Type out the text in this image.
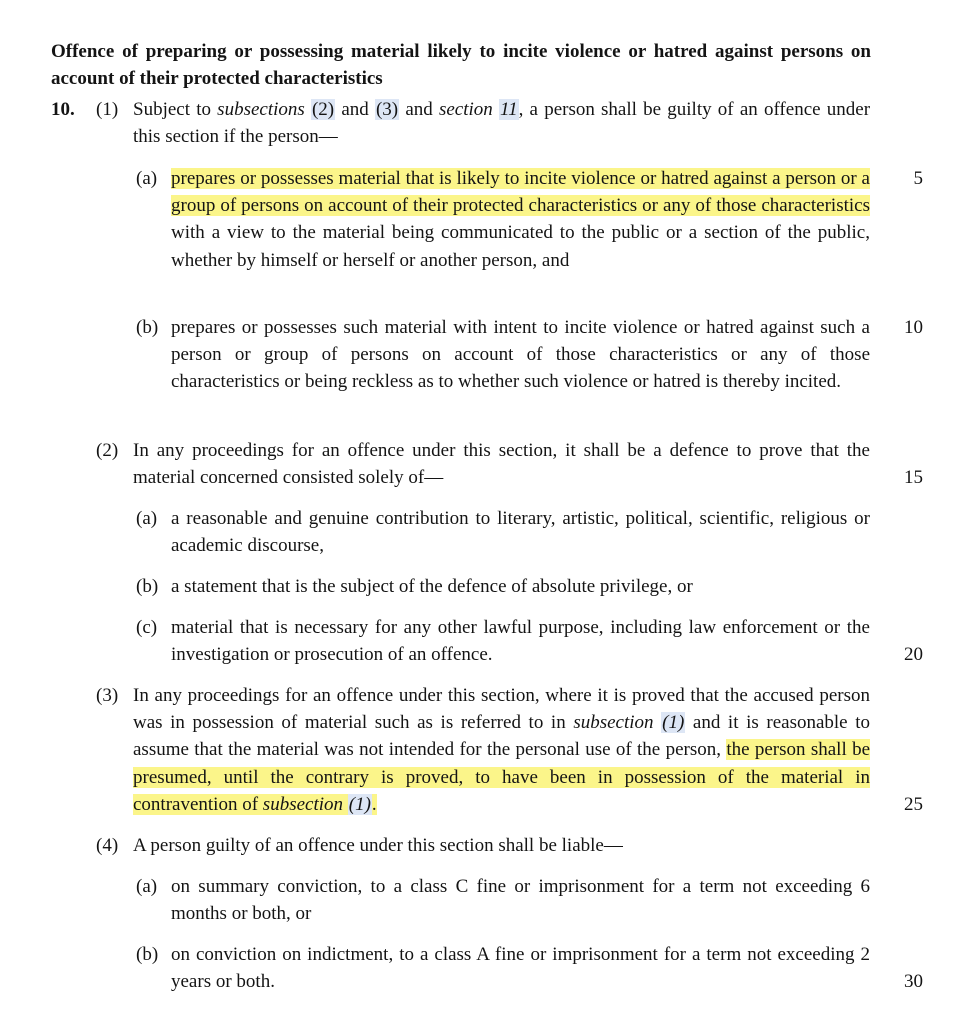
Offence of preparing or possessing material likely to incite violence or hatred against persons on account of their protected characteristics
10. (1) Subject to subsections (2) and (3) and section 11, a person shall be guilty of an offence under this section if the person—
(a) prepares or possesses material that is likely to incite violence or hatred against a person or a group of persons on account of their protected characteristics or any of those characteristics with a view to the material being communicated to the public or a section of the public, whether by himself or herself or another person, and
(b) prepares or possesses such material with intent to incite violence or hatred against such a person or group of persons on account of those characteristics or any of those characteristics or being reckless as to whether such violence or hatred is thereby incited.
(2) In any proceedings for an offence under this section, it shall be a defence to prove that the material concerned consisted solely of—
(a) a reasonable and genuine contribution to literary, artistic, political, scientific, religious or academic discourse,
(b) a statement that is the subject of the defence of absolute privilege, or
(c) material that is necessary for any other lawful purpose, including law enforcement or the investigation or prosecution of an offence.
(3) In any proceedings for an offence under this section, where it is proved that the accused person was in possession of material such as is referred to in subsection (1) and it is reasonable to assume that the material was not intended for the personal use of the person, the person shall be presumed, until the contrary is proved, to have been in possession of the material in contravention of subsection (1).
(4) A person guilty of an offence under this section shall be liable—
(a) on summary conviction, to a class C fine or imprisonment for a term not exceeding 6 months or both, or
(b) on conviction on indictment, to a class A fine or imprisonment for a term not exceeding 2 years or both.
5
10
15
20
25
30
